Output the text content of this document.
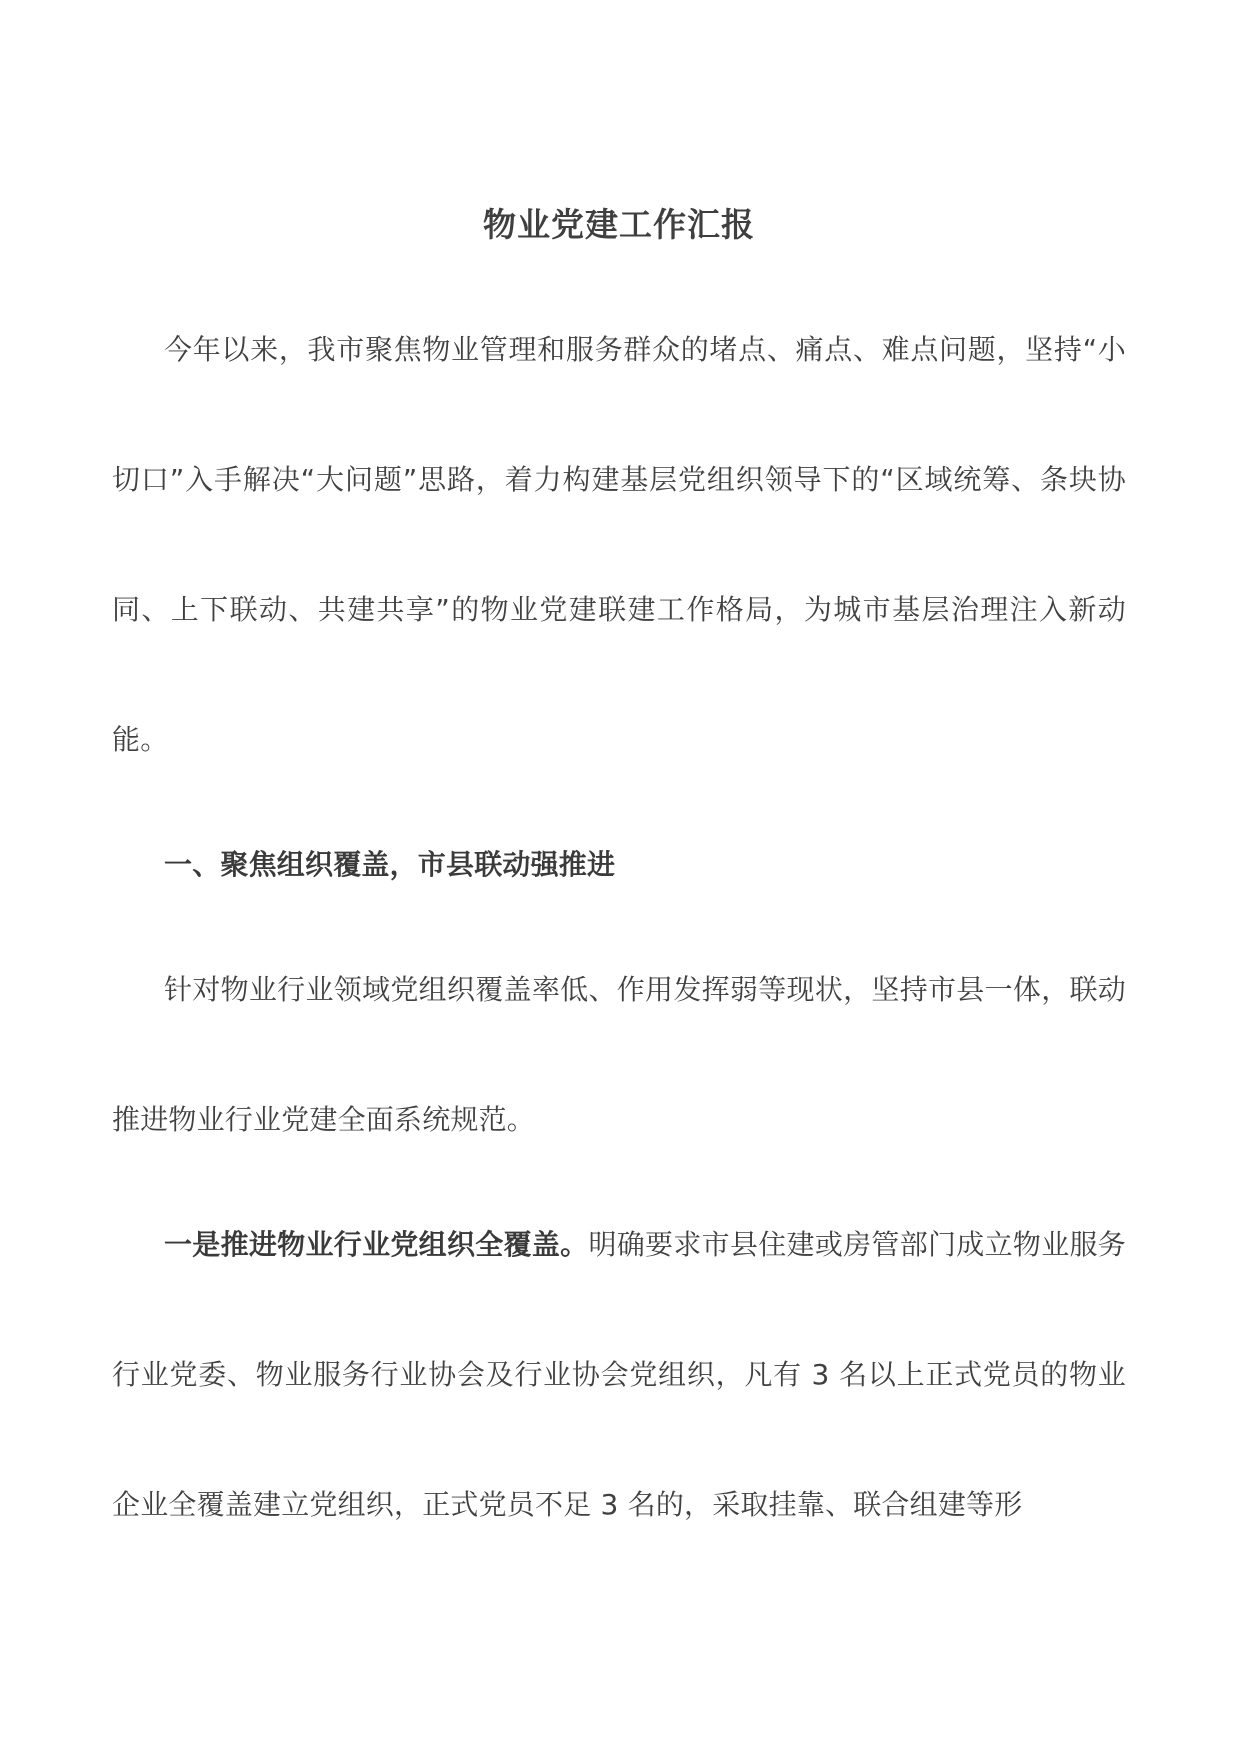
物业党建工作汇报

今年以来，我市聚焦物业管理和服务群众的堵点、痛点、难点问题，坚持“小切口”入手解决“大问题”思路，着力构建基层党组织领导下的“区域统筹、条块协同、上下联动、共建共享”的物业党建联建工作格局，为城市基层治理注入新动能。

一、聚焦组织覆盖，市县联动强推进

针对物业行业领域党组织覆盖率低、作用发挥弱等现状，坚持市县一体，联动推进物业行业党建全面系统规范。

一是推进物业行业党组织全覆盖。明确要求市县住建或房管部门成立物业服务行业党委、物业服务行业协会及行业协会党组织，凡有 3 名以上正式党员的物业企业全覆盖建立党组织，正式党员不足 3 名的，采取挂靠、联合组建等形
